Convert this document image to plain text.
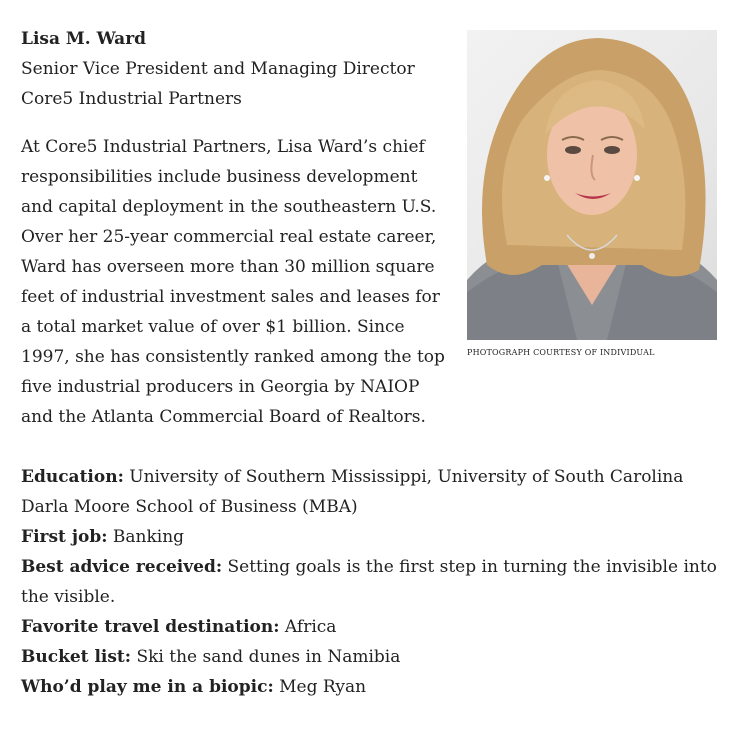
Lisa M. Ward
Senior Vice President and Managing Director
Core5 Industrial Partners
At Core5 Industrial Partners, Lisa Ward’s chief responsibilities include business development and capital deployment in the southeastern U.S. Over her 25-year commercial real estate career, Ward has overseen more than 30 million square feet of industrial investment sales and leases for a total market value of over $1 billion. Since 1997, she has consistently ranked among the top five industrial producers in Georgia by NAIOP and the Atlanta Commercial Board of Realtors.
PHOTOGRAPH COURTESY OF INDIVIDUAL
Education: University of Southern Mississippi, University of South Carolina Darla Moore School of Business (MBA)
First job: Banking
Best advice received: Setting goals is the first step in turning the invisible into the visible.
Favorite travel destination: Africa
Bucket list: Ski the sand dunes in Namibia
Who’d play me in a biopic: Meg Ryan
